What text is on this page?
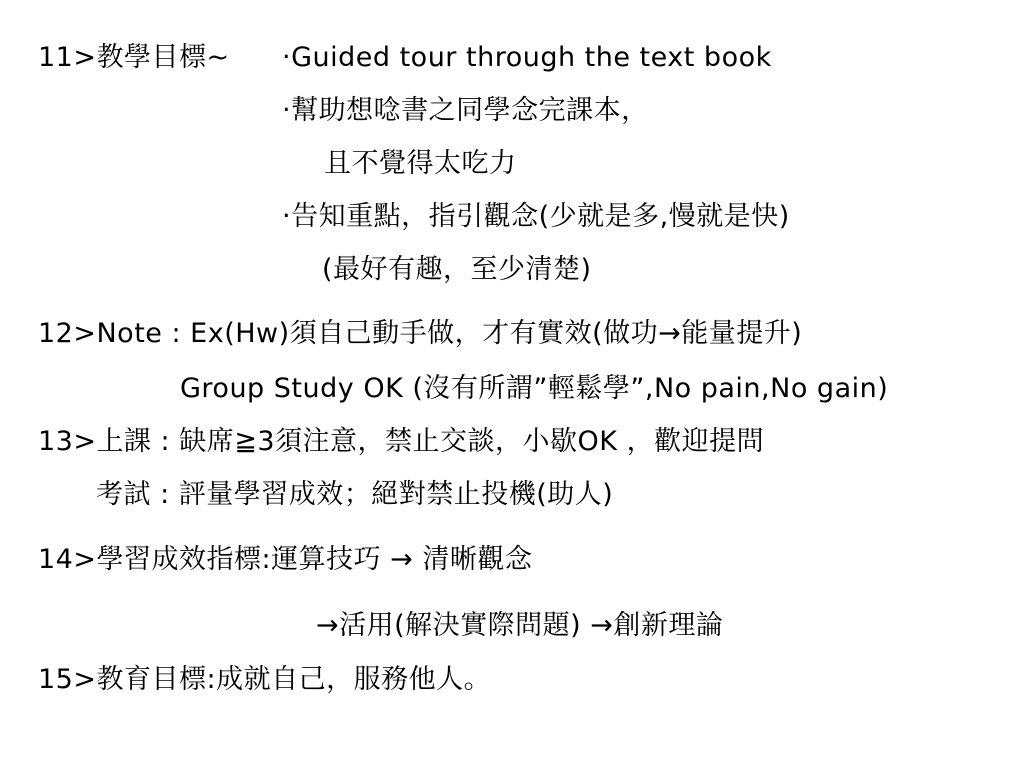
11>教學目標~ ‧Guided tour through the text book
‧幫助想唸書之同學念完課本，
且不覺得太吃力
‧告知重點，指引觀念(少就是多,慢就是快)
(最好有趣，至少清楚)
12>Note : Ex(Hw)須自己動手做，才有實效(做功→能量提升)
Group Study OK (沒有所謂”輕鬆學”,No pain,No gain)
13>上課 : 缺席≧3須注意，禁止交談，小歇OK ，歡迎提問
考試 : 評量學習成效；絕對禁止投機(助人)
14>學習成效指標:運算技巧 → 清晰觀念
→活用(解決實際問題) →創新理論
15>教育目標:成就自己，服務他人。
